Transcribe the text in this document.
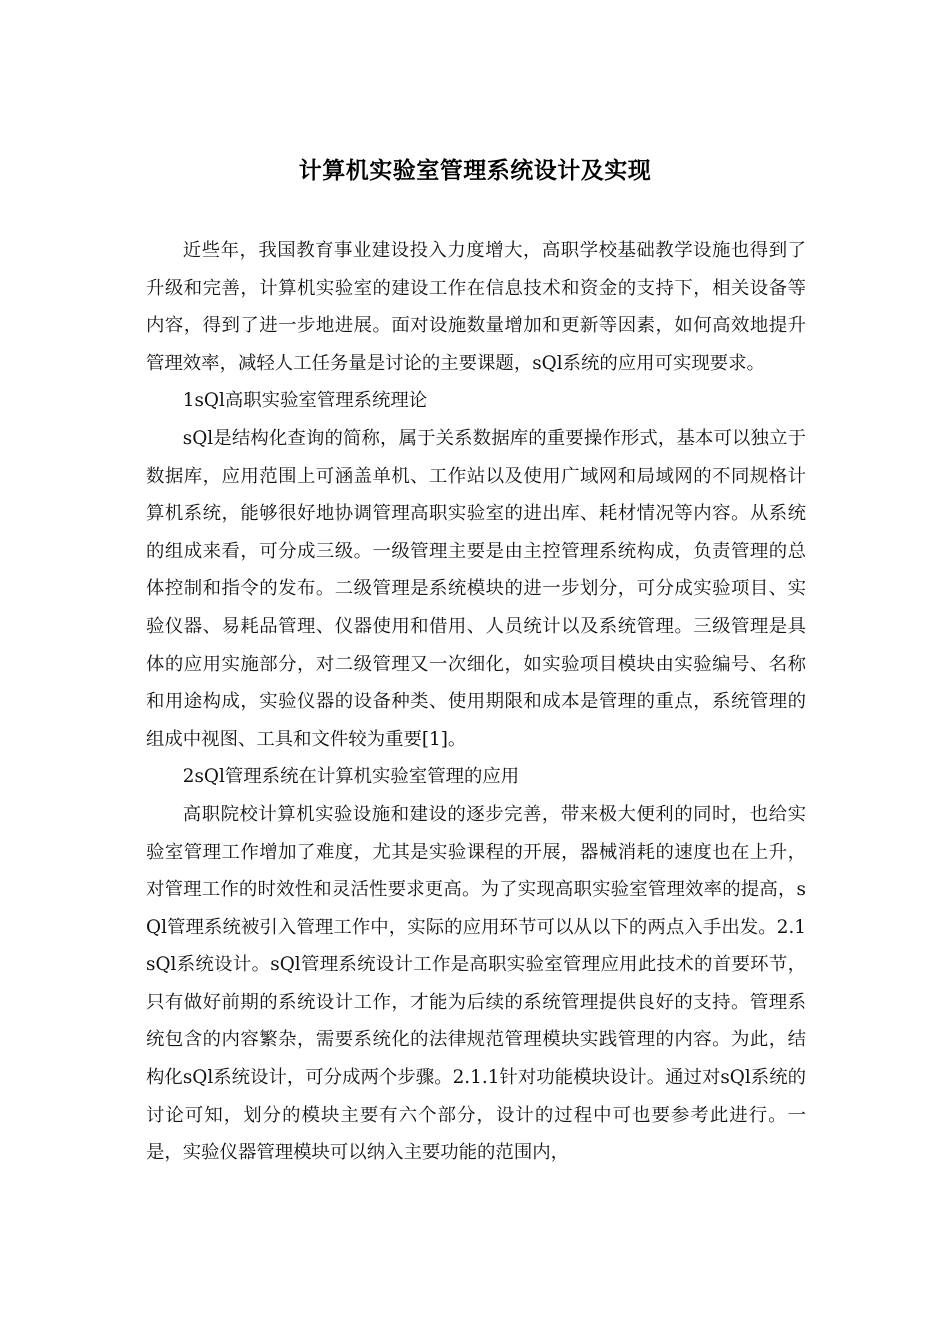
计算机实验室管理系统设计及实现

近些年，我国教育事业建设投入力度增大，高职学校基础教学设施也得到了升级和完善，计算机实验室的建设工作在信息技术和资金的支持下，相关设备等内容，得到了进一步地进展。面对设施数量增加和更新等因素，如何高效地提升管理效率，减轻人工任务量是讨论的主要课题，sQl系统的应用可实现要求。

1sQl高职实验室管理系统理论

sQl是结构化查询的简称，属于关系数据库的重要操作形式，基本可以独立于数据库，应用范围上可涵盖单机、工作站以及使用广域网和局域网的不同规格计算机系统，能够很好地协调管理高职实验室的进出库、耗材情况等内容。从系统的组成来看，可分成三级。一级管理主要是由主控管理系统构成，负责管理的总体控制和指令的发布。二级管理是系统模块的进一步划分，可分成实验项目、实验仪器、易耗品管理、仪器使用和借用、人员统计以及系统管理。三级管理是具体的应用实施部分，对二级管理又一次细化，如实验项目模块由实验编号、名称和用途构成，实验仪器的设备种类、使用期限和成本是管理的重点，系统管理的组成中视图、工具和文件较为重要[1]。

2sQl管理系统在计算机实验室管理的应用

高职院校计算机实验设施和建设的逐步完善，带来极大便利的同时，也给实验室管理工作增加了难度，尤其是实验课程的开展，器械消耗的速度也在上升，对管理工作的时效性和灵活性要求更高。为了实现高职实验室管理效率的提高，sQl管理系统被引入管理工作中，实际的应用环节可以从以下的两点入手出发。2.1sQl系统设计。sQl管理系统设计工作是高职实验室管理应用此技术的首要环节，只有做好前期的系统设计工作，才能为后续的系统管理提供良好的支持。管理系统包含的内容繁杂，需要系统化的法律规范管理模块实践管理的内容。为此，结构化sQl系统设计，可分成两个步骤。2.1.1针对功能模块设计。通过对sQl系统的讨论可知，划分的模块主要有六个部分，设计的过程中可也要参考此进行。一是，实验仪器管理模块可以纳入主要功能的范围内，
